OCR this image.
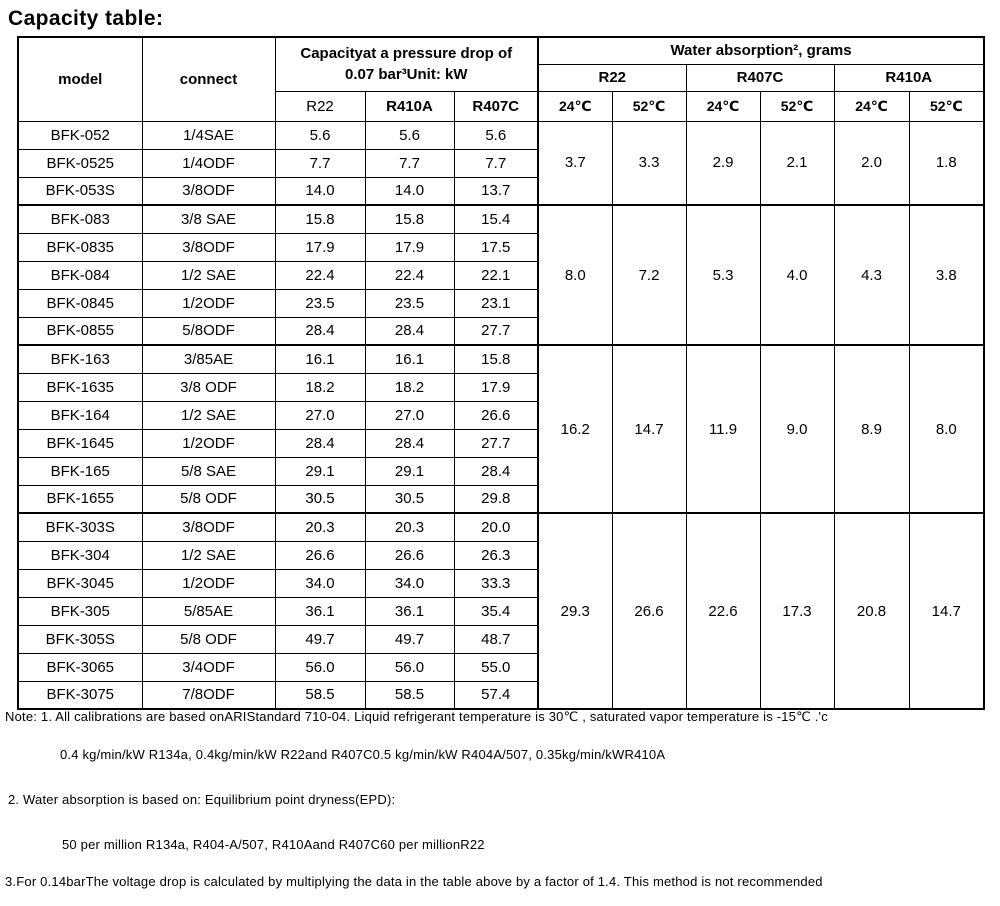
Capacity table:
model	connect	Capacityat a pressure drop of
0.07 bar³Unit: kW			Water absorption², grams					
					R22		R407C		R410A	
		R22	R410A	R407C	24℃	52℃	24℃	52℃	24℃	52℃
BFK-052	1/4SAE	5.6	5.6	5.6	3.7	3.3	2.9	2.1	2.0	1.8
BFK-0525	1/4ODF	7.7	7.7	7.7						
BFK-053S	3/8ODF	14.0	14.0	13.7						
BFK-083	3/8 SAE	15.8	15.8	15.4	8.0	7.2	5.3	4.0	4.3	3.8
BFK-0835	3/8ODF	17.9	17.9	17.5						
BFK-084	1/2 SAE	22.4	22.4	22.1						
BFK-0845	1/2ODF	23.5	23.5	23.1						
BFK-0855	5/8ODF	28.4	28.4	27.7						
BFK-163	3/85AE	16.1	16.1	15.8	16.2	14.7	11.9	9.0	8.9	8.0
BFK-1635	3/8 ODF	18.2	18.2	17.9						
BFK-164	1/2 SAE	27.0	27.0	26.6						
BFK-1645	1/2ODF	28.4	28.4	27.7						
BFK-165	5/8 SAE	29.1	29.1	28.4						
BFK-1655	5/8 ODF	30.5	30.5	29.8						
BFK-303S	3/8ODF	20.3	20.3	20.0	29.3	26.6	22.6	17.3	20.8	14.7
BFK-304	1/2 SAE	26.6	26.6	26.3						
BFK-3045	1/2ODF	34.0	34.0	33.3						
BFK-305	5/85AE	36.1	36.1	35.4						
BFK-305S	5/8 ODF	49.7	49.7	48.7						
BFK-3065	3/4ODF	56.0	56.0	55.0						
BFK-3075	7/8ODF	58.5	58.5	57.4						
Note: 1. All calibrations are based onARIStandard 710-04. Liquid refrigerant temperature is 30℃ , saturated vapor temperature is -15℃ .'c
0.4 kg/min/kW R134a, 0.4kg/min/kW R22and R407C0.5 kg/min/kW R404A/507, 0.35kg/min/kWR410A
2. Water absorption is based on: Equilibrium point dryness(EPD):
50 per million R134a, R404-A/507, R410Aand R407C60 per millionR22
3.For 0.14barThe voltage drop is calculated by multiplying the data in the table above by a factor of 1.4. This method is not recommended
